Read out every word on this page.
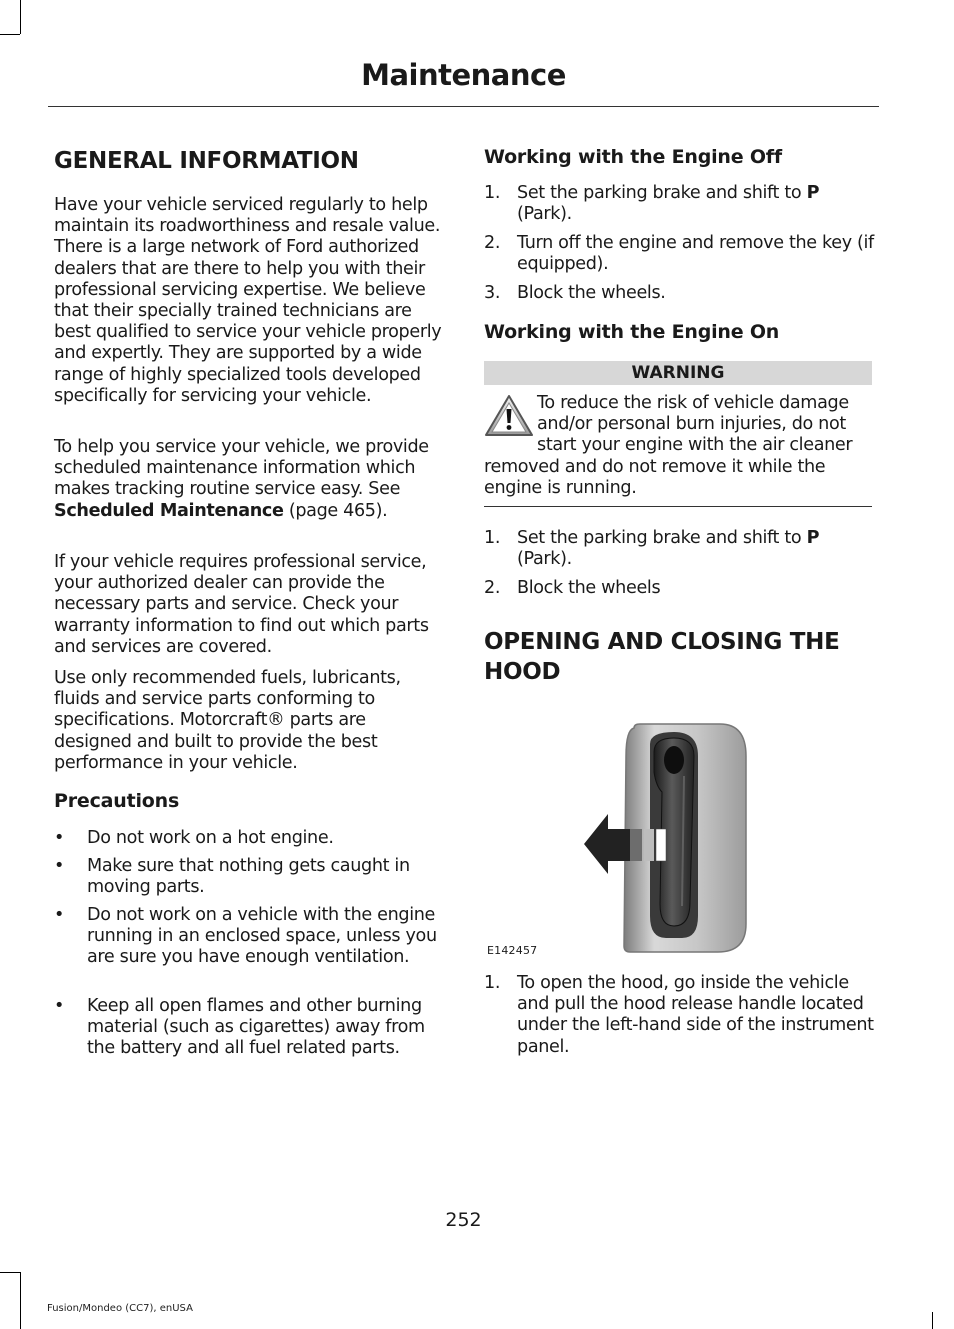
Maintenance
GENERAL INFORMATION
Have your vehicle serviced regularly to help maintain its roadworthiness and resale value. There is a large network of Ford authorized dealers that are there to help you with their professional servicing expertise. We believe that their specially trained technicians are best qualified to service your vehicle properly and expertly. They are supported by a wide range of highly specialized tools developed specifically for servicing your vehicle.
To help you service your vehicle, we provide scheduled maintenance information which makes tracking routine service easy. See Scheduled Maintenance (page 465).
If your vehicle requires professional service, your authorized dealer can provide the necessary parts and service. Check your warranty information to find out which parts and services are covered.
Use only recommended fuels, lubricants, fluids and service parts conforming to specifications. Motorcraft® parts are designed and built to provide the best performance in your vehicle.
Precautions
• Do not work on a hot engine.
• Make sure that nothing gets caught in moving parts.
• Do not work on a vehicle with the engine running in an enclosed space, unless you are sure you have enough ventilation.
• Keep all open flames and other burning material (such as cigarettes) away from the battery and all fuel related parts.
Working with the Engine Off
1. Set the parking brake and shift to P (Park).
2. Turn off the engine and remove the key (if equipped).
3. Block the wheels.
Working with the Engine On
WARNING
To reduce the risk of vehicle damage and/or personal burn injuries, do not start your engine with the air cleaner removed and do not remove it while the engine is running.
1. Set the parking brake and shift to P (Park).
2. Block the wheels
OPENING AND CLOSING THE HOOD
E142457
1. To open the hood, go inside the vehicle and pull the hood release handle located under the left-hand side of the instrument panel.
252
Fusion/Mondeo (CC7), enUSA
